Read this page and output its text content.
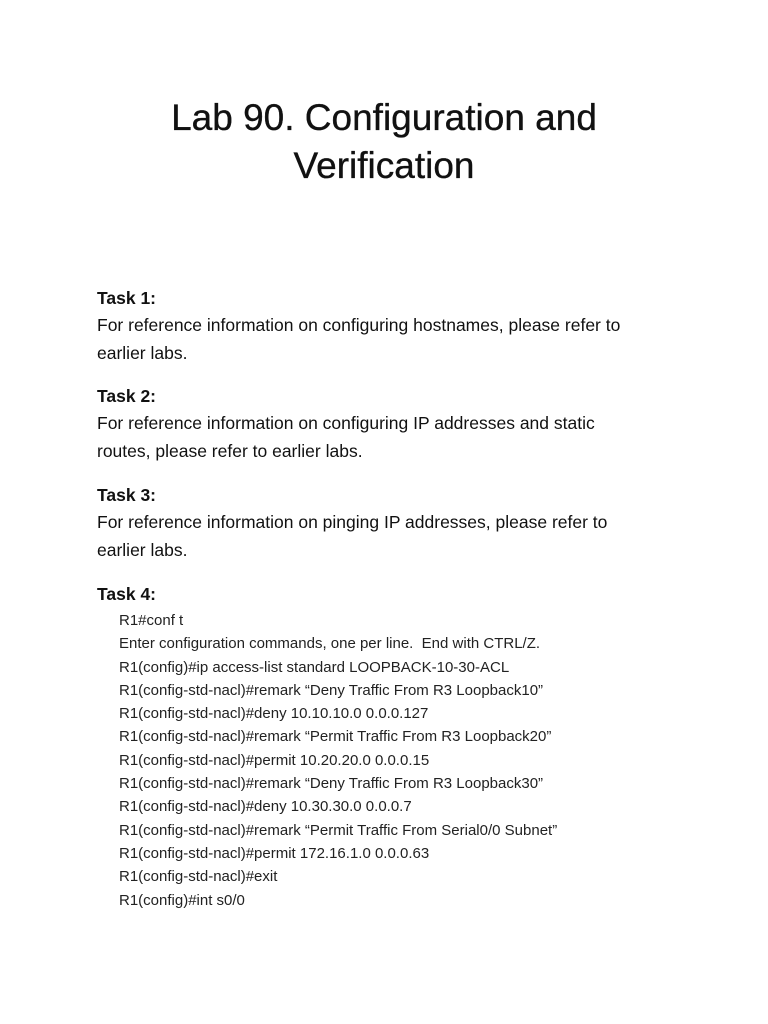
Lab 90. Configuration and
Verification

Task 1:

For reference information on configuring hostnames, please refer to
earlier labs.

Task 2:

For reference information on configuring IP addresses and static
routes, please refer to earlier labs.

Task 3:

For reference information on pinging IP addresses, please refer to
earlier labs.

Task 4:

R1#conf t
Enter configuration commands, one per line.  End with CTRL/Z.
R1(config)#ip access-list standard LOOPBACK-10-30-ACL
R1(config-std-nacl)#remark “Deny Traffic From R3 Loopback10”
R1(config-std-nacl)#deny 10.10.10.0 0.0.0.127
R1(config-std-nacl)#remark “Permit Traffic From R3 Loopback20”
R1(config-std-nacl)#permit 10.20.20.0 0.0.0.15
R1(config-std-nacl)#remark “Deny Traffic From R3 Loopback30”
R1(config-std-nacl)#deny 10.30.30.0 0.0.0.7
R1(config-std-nacl)#remark “Permit Traffic From Serial0/0 Subnet”
R1(config-std-nacl)#permit 172.16.1.0 0.0.0.63
R1(config-std-nacl)#exit
R1(config)#int s0/0
